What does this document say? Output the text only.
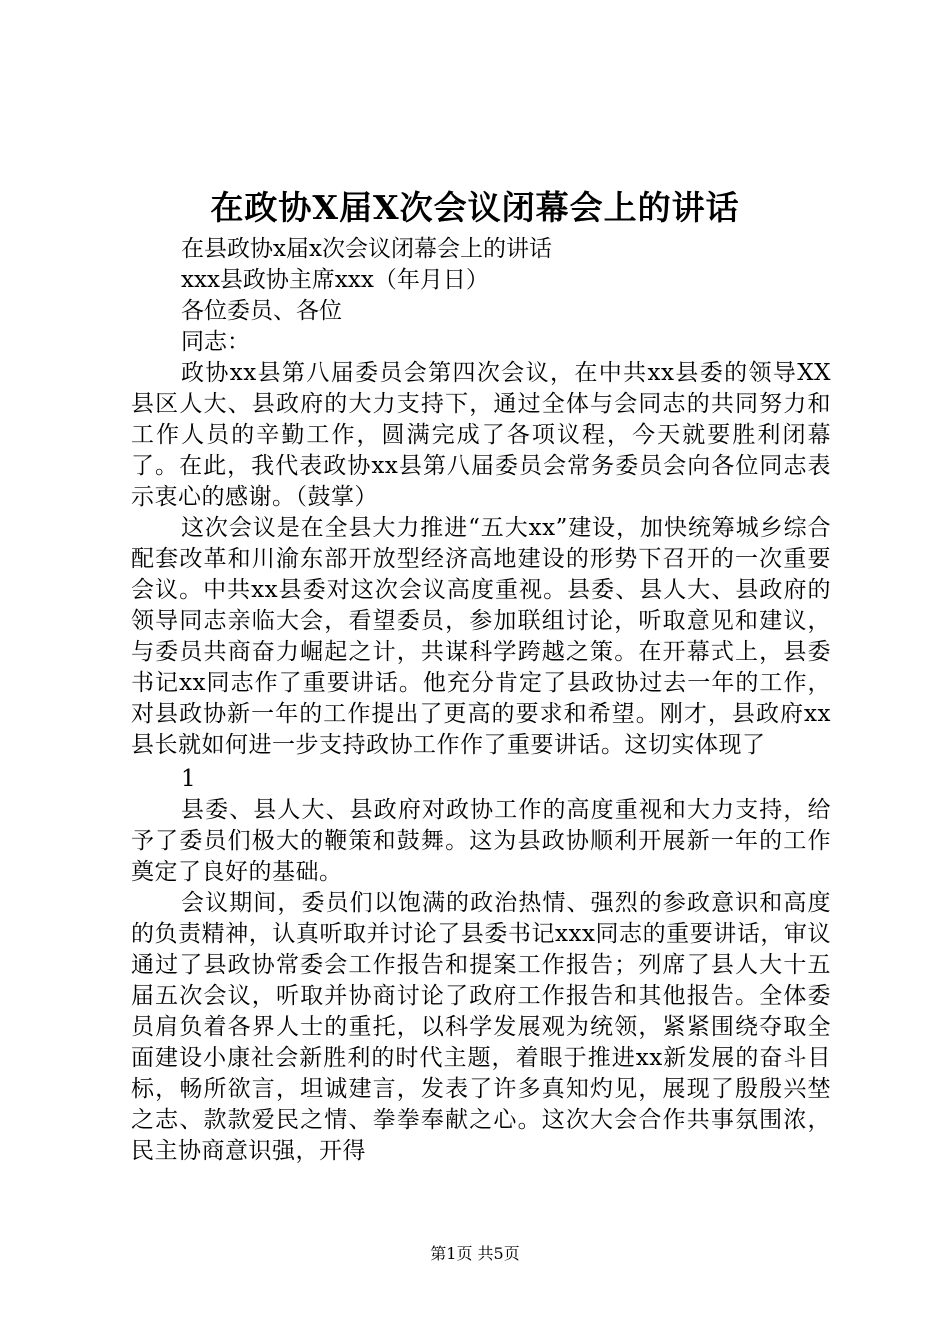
在政协X届X次会议闭幕会上的讲话

在县政协x届x次会议闭幕会上的讲话

xxx县政协主席xxx（年月日）

各位委员、各位

同志：

政协xx县第八届委员会第四次会议，在中共xx县委的领导XX县区人大、县政府的大力支持下，通过全体与会同志的共同努力和工作人员的辛勤工作，圆满完成了各项议程，今天就要胜利闭幕了。在此，我代表政协xx县第八届委员会常务委员会向各位同志表示衷心的感谢。（鼓掌）

这次会议是在全县大力推进“五大xx”建设，加快统筹城乡综合配套改革和川渝东部开放型经济高地建设的形势下召开的一次重要会议。中共xx县委对这次会议高度重视。县委、县人大、县政府的领导同志亲临大会，看望委员，参加联组讨论，听取意见和建议，与委员共商奋力崛起之计，共谋科学跨越之策。在开幕式上，县委书记xx同志作了重要讲话。他充分肯定了县政协过去一年的工作，对县政协新一年的工作提出了更高的要求和希望。刚才，县政府xx县长就如何进一步支持政协工作作了重要讲话。这切实体现了

1

县委、县人大、县政府对政协工作的高度重视和大力支持，给予了委员们极大的鞭策和鼓舞。这为县政协顺利开展新一年的工作奠定了良好的基础。

会议期间，委员们以饱满的政治热情、强烈的参政意识和高度的负责精神，认真听取并讨论了县委书记xxx同志的重要讲话，审议通过了县政协常委会工作报告和提案工作报告；列席了县人大十五届五次会议，听取并协商讨论了政府工作报告和其他报告。全体委员肩负着各界人士的重托，以科学发展观为统领，紧紧围绕夺取全面建设小康社会新胜利的时代主题，着眼于推进xx新发展的奋斗目标，畅所欲言，坦诚建言，发表了许多真知灼见，展现了殷殷兴埜之志、款款爱民之情、拳拳奉献之心。这次大会合作共事氛围浓，民主协商意识强，开得

第1页 共5页
